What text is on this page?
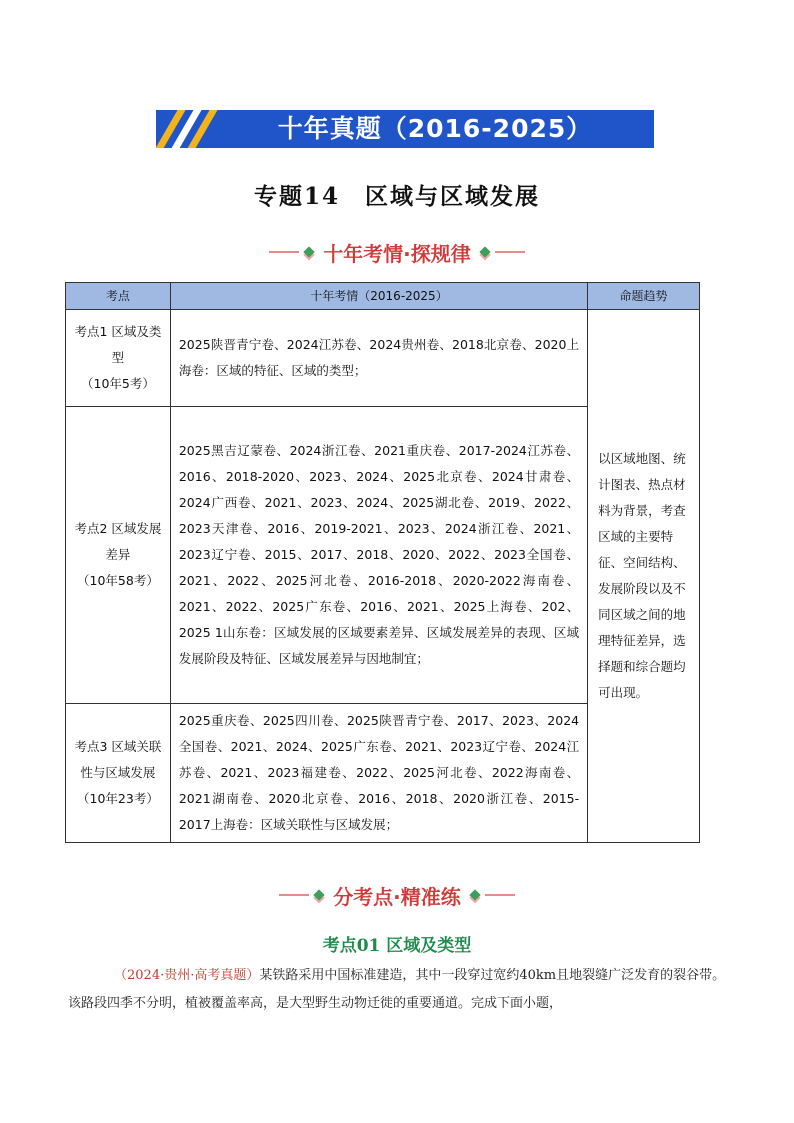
十年真题（2016-2025）
专题14　区域与区域发展
十年考情·探规律
考点	十年考情（2016-2025）	命题趋势

考点1 区域及类型
（10年5考）	2025陕晋青宁卷、2024江苏卷、2024贵州卷、2018北京卷、2020上海卷：区域的特征、区域的类型；	以区域地图、统计图表、热点材料为背景，考查区域的主要特征、空间结构、发展阶段以及不同区域之间的地理特征差异，选择题和综合题均可出现。

考点2 区域发展差异
（10年58考）	2025黑吉辽蒙卷、2024浙江卷、2021重庆卷、2017-2024江苏卷、2016、2018-2020、2023、2024、2025北京卷、2024甘肃卷、2024广西卷、2021、2023、2024、2025湖北卷、2019、2022、2023天津卷、2016、2019-2021、2023、2024浙江卷、2021、2023辽宁卷、2015、2017、2018、2020、2022、2023全国卷、2021、2022、2025河北卷、2016-2018、2020-2022海南卷、2021、2022、2025广东卷、2016、2021、2025上海卷、202、2025 1山东卷：区域发展的区域要素差异、区域发展差异的表现、区域发展阶段及特征、区域发展差异与因地制宜；	

考点3 区域关联性与区域发展
（10年23考）	2025重庆卷、2025四川卷、2025陕晋青宁卷、2017、2023、2024全国卷、2021、2024、2025广东卷、2021、2023辽宁卷、2024江苏卷、2021、2023福建卷、2022、2025河北卷、2022海南卷、2021湖南卷、2020北京卷、2016、2018、2020浙江卷、2015-2017上海卷：区域关联性与区域发展；	
分考点·精准练
考点01 区域及类型
（2024·贵州·高考真题）某铁路采用中国标准建造，其中一段穿过宽约40km且地裂缝广泛发育的裂谷带。该路段四季不分明，植被覆盖率高，是大型野生动物迁徙的重要通道。完成下面小题，
